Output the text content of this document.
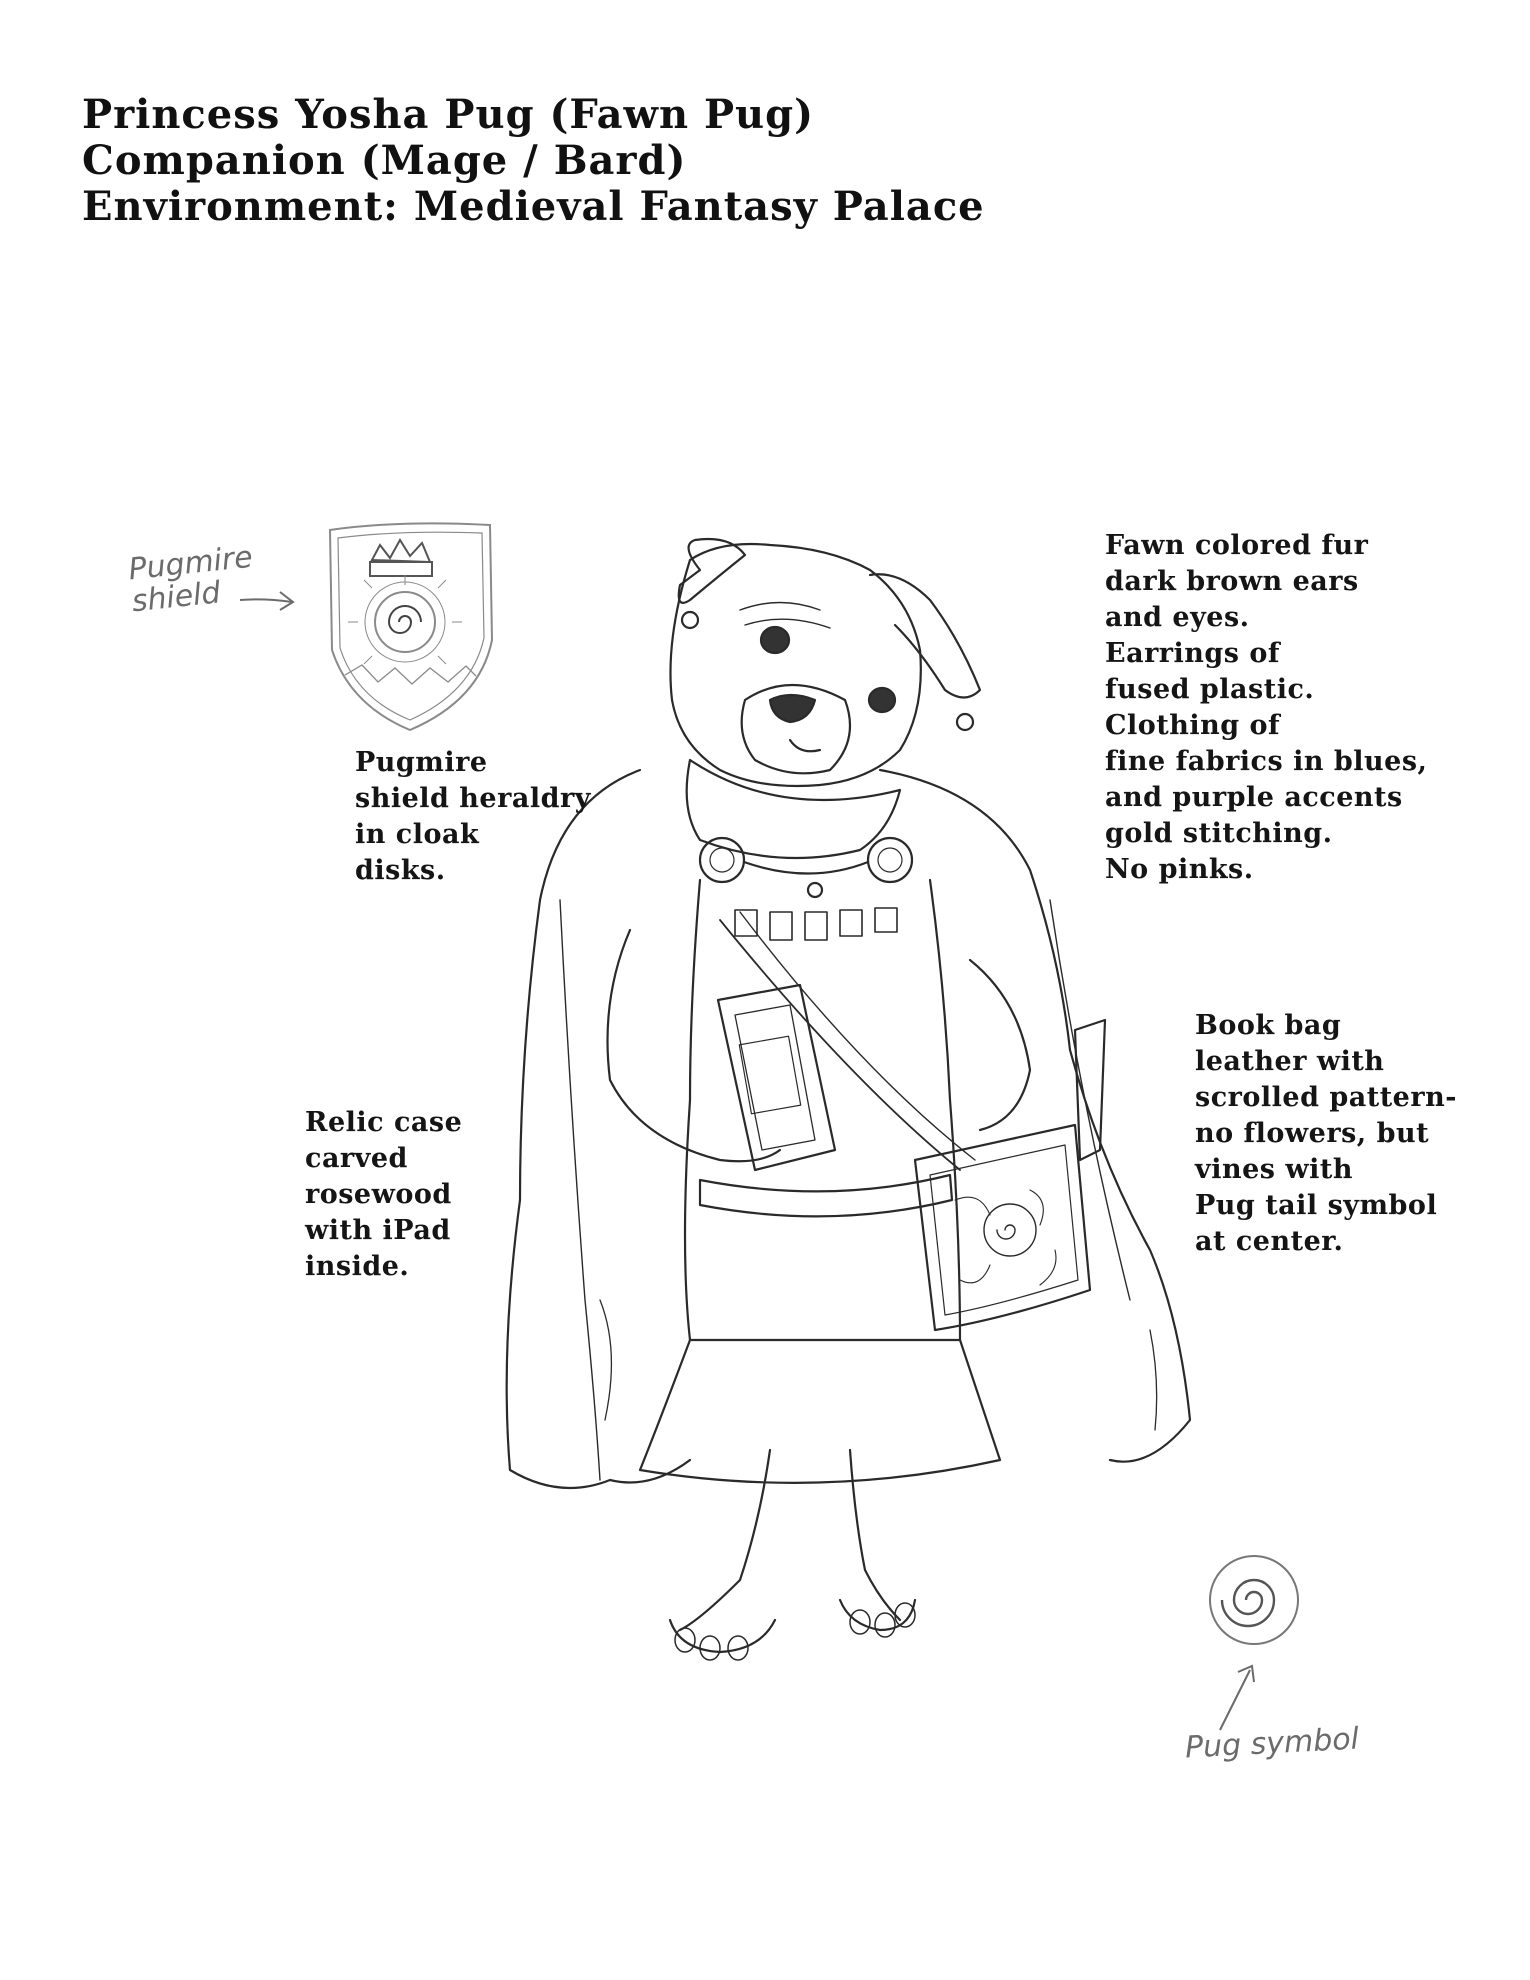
Princess Yosha Pug (Fawn Pug)
Companion (Mage / Bard)
Environment: Medieval Fantasy Palace
Pugmire
shield
Pugmire
shield heraldry
in cloak
disks.
Fawn colored fur
dark brown ears
and eyes.
Earrings of
fused plastic.
Clothing of
fine fabrics in blues,
and purple accents
gold stitching.
No pinks.
Book bag
leather with
scrolled pattern-
no flowers, but
vines with
Pug tail symbol
at center.
Relic case
carved
rosewood
with iPad
inside.
Pug symbol
